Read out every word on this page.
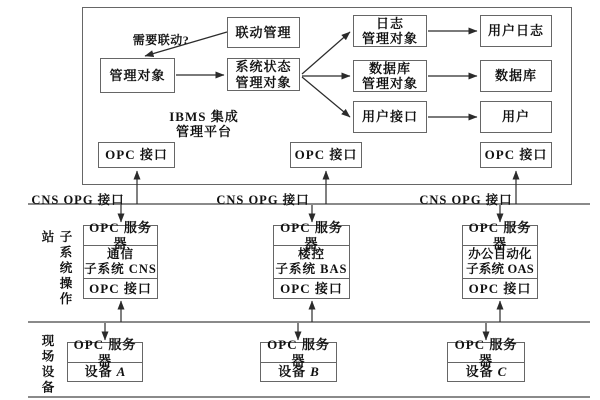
联动管理
需要联动?
管理对象
系统状态
管理对象
日志
管理对象
用户日志
数据库
管理对象
数据库
用户接口	用户
IBMS 集成
管理平台
OPC 接口	OPC 接口	OPC 接口
CNS OPG 接口	CNS OPG 接口	CNS OPG 接口
子系统操作站
现场设备
OPC 服务器
通信
子系统 CNS
OPC 接口
OPC 服务器
楼控
子系统 BAS
OPC 接口
OPC 服务器
办公自动化
子系统 OAS
OPC 接口
OPC 服务器
设备 A
OPC 服务器
设备 B
OPC 服务器
设备 C
